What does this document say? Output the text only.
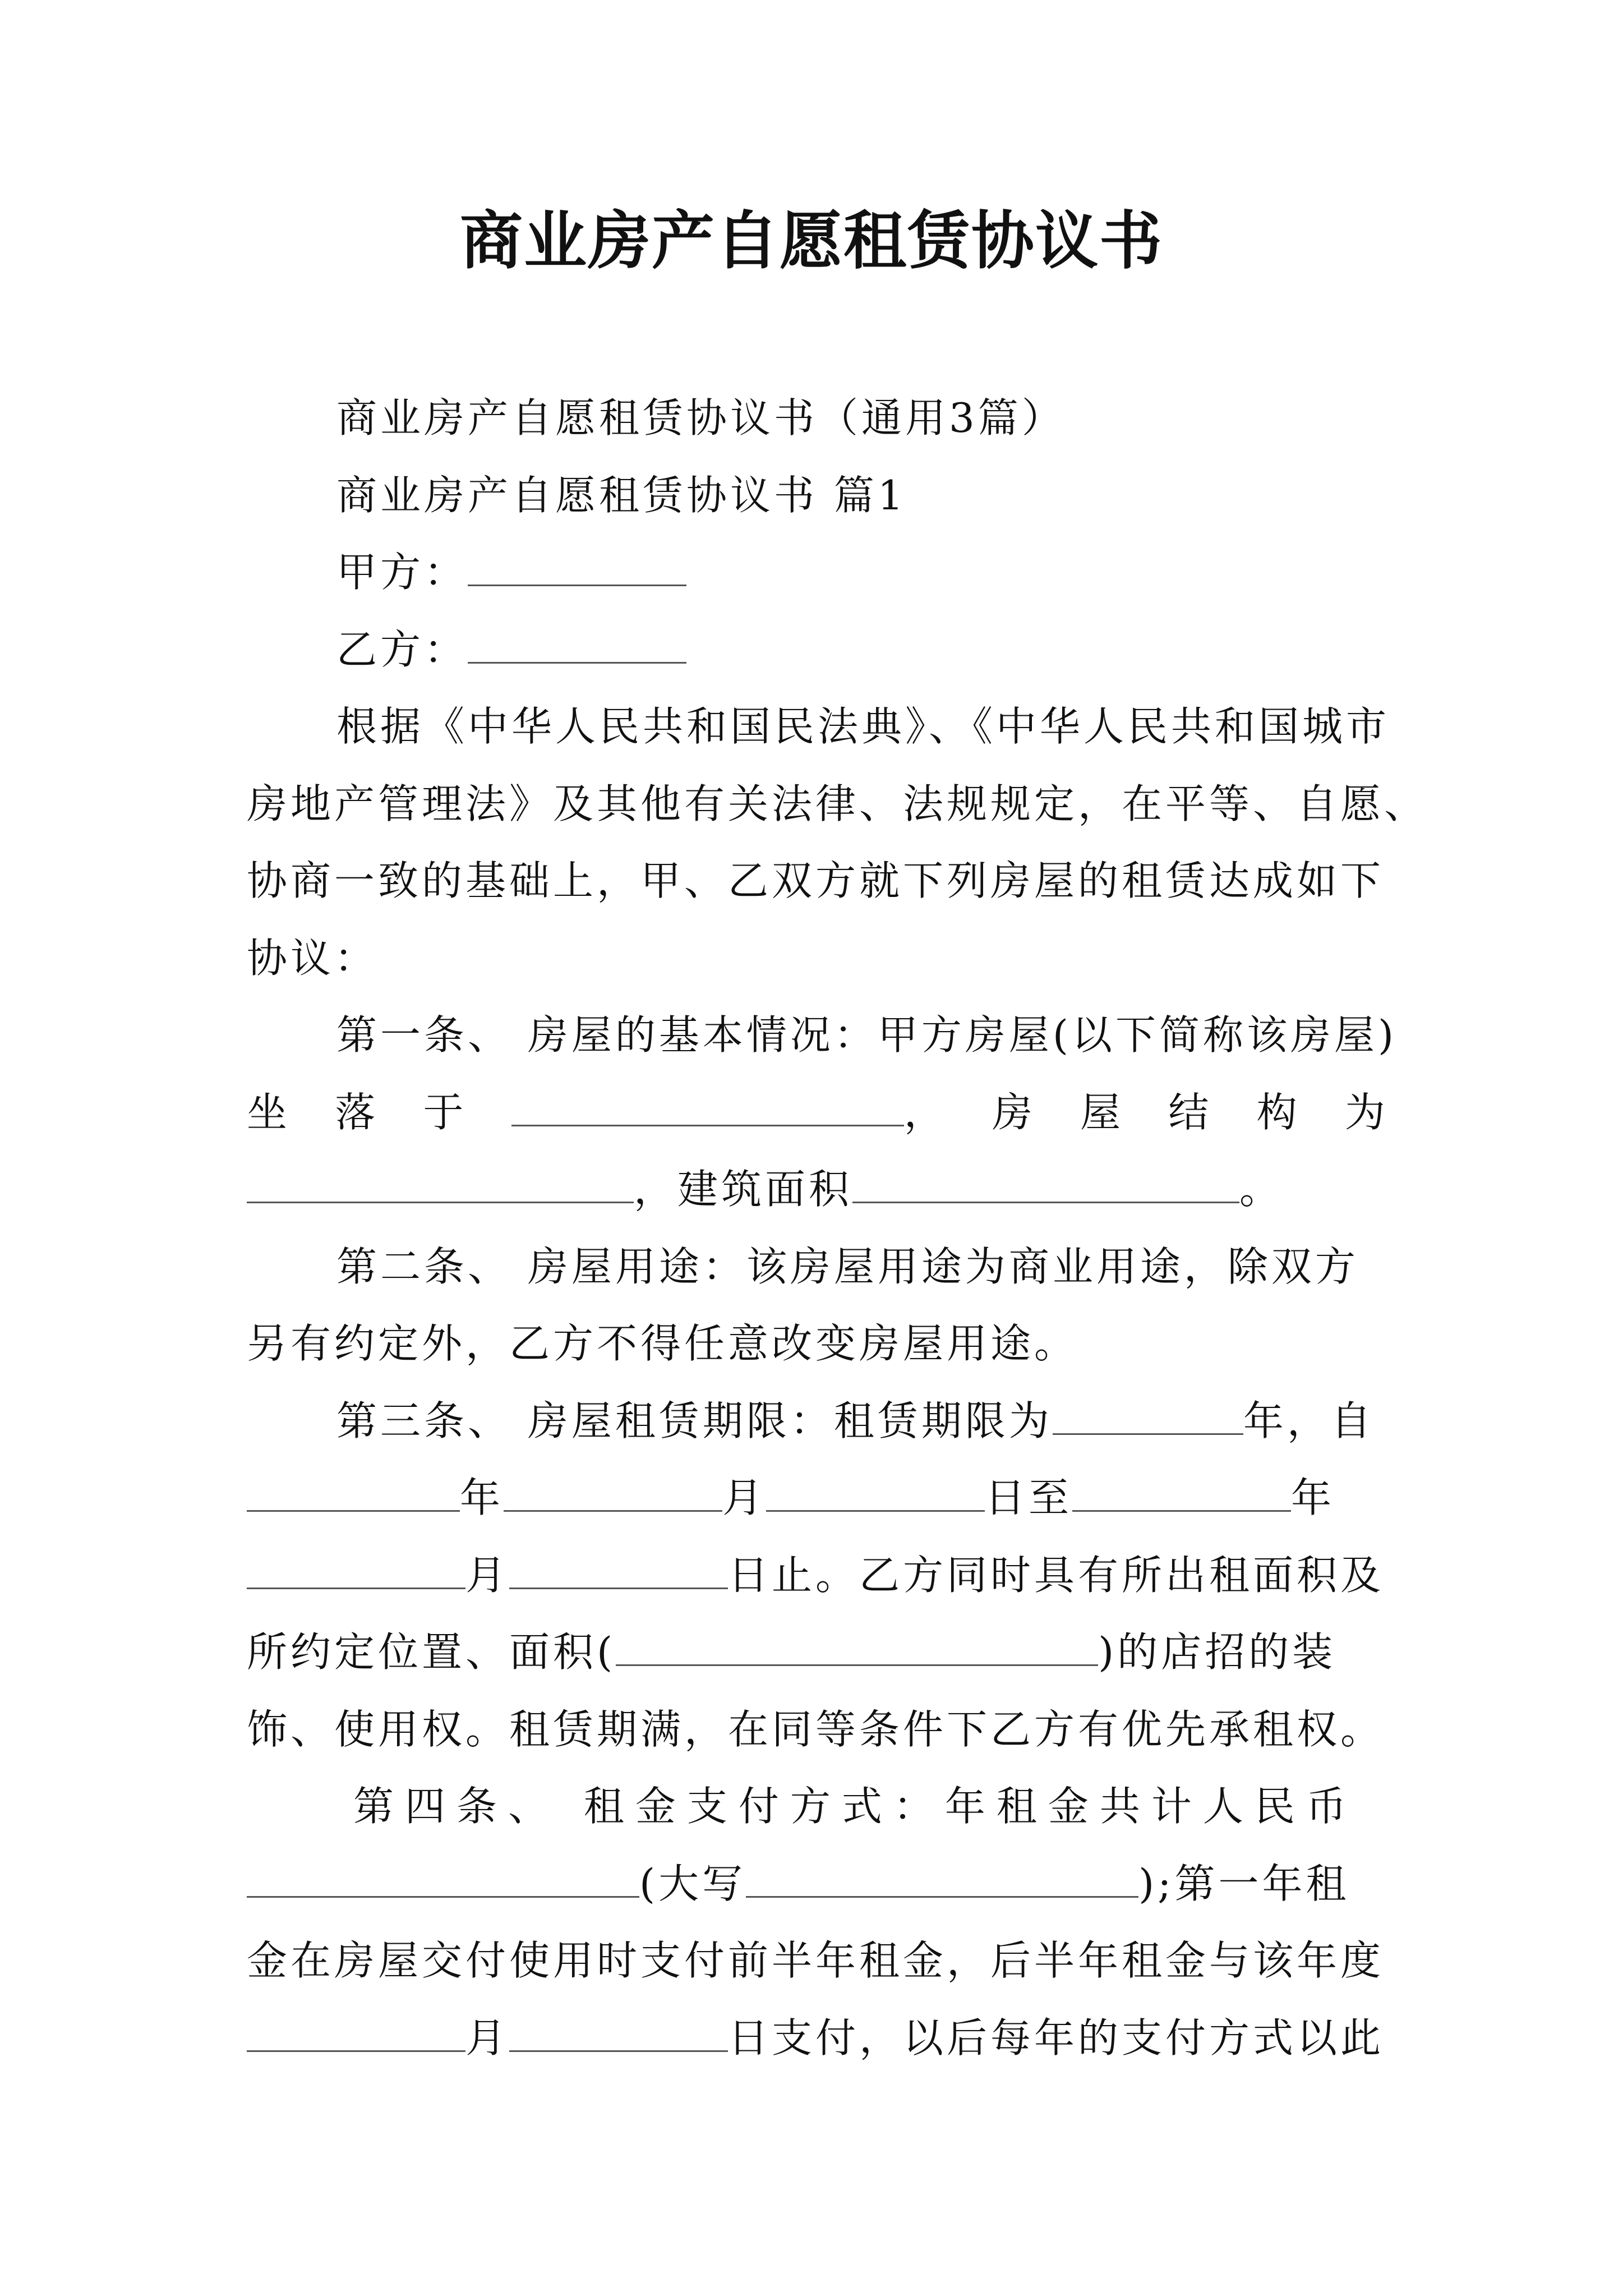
商业房产自愿租赁协议书
商业房产自愿租赁协议书（通用3篇）
商业房产自愿租赁协议书 篇1
甲方：
乙方：
根据《中华人民共和国民法典》、《中华人民共和国城市
房地产管理法》及其他有关法律、法规规定，在平等、自愿、
协商一致的基础上，甲、乙双方就下列房屋的租赁达成如下
协议：
第一条、 房屋的基本情况：甲方房屋(以下简称该房屋)
坐 落 于	， 房 屋 结 构 为
，建筑面积	。
第二条、 房屋用途：该房屋用途为商业用途，除双方
另有约定外，乙方不得任意改变房屋用途。
第三条、 房屋租赁期限：租赁期限为	年，自
年	月	日至	年
月	日止。乙方同时具有所出租面积及
所约定位置、面积(	)的店招的装
饰、使用权。租赁期满，在同等条件下乙方有优先承租权。
第四条、 租金支付方式：年租金共计人民币
(大写	);第一年租
金在房屋交付使用时支付前半年租金，后半年租金与该年度
月	日支付，以后每年的支付方式以此
